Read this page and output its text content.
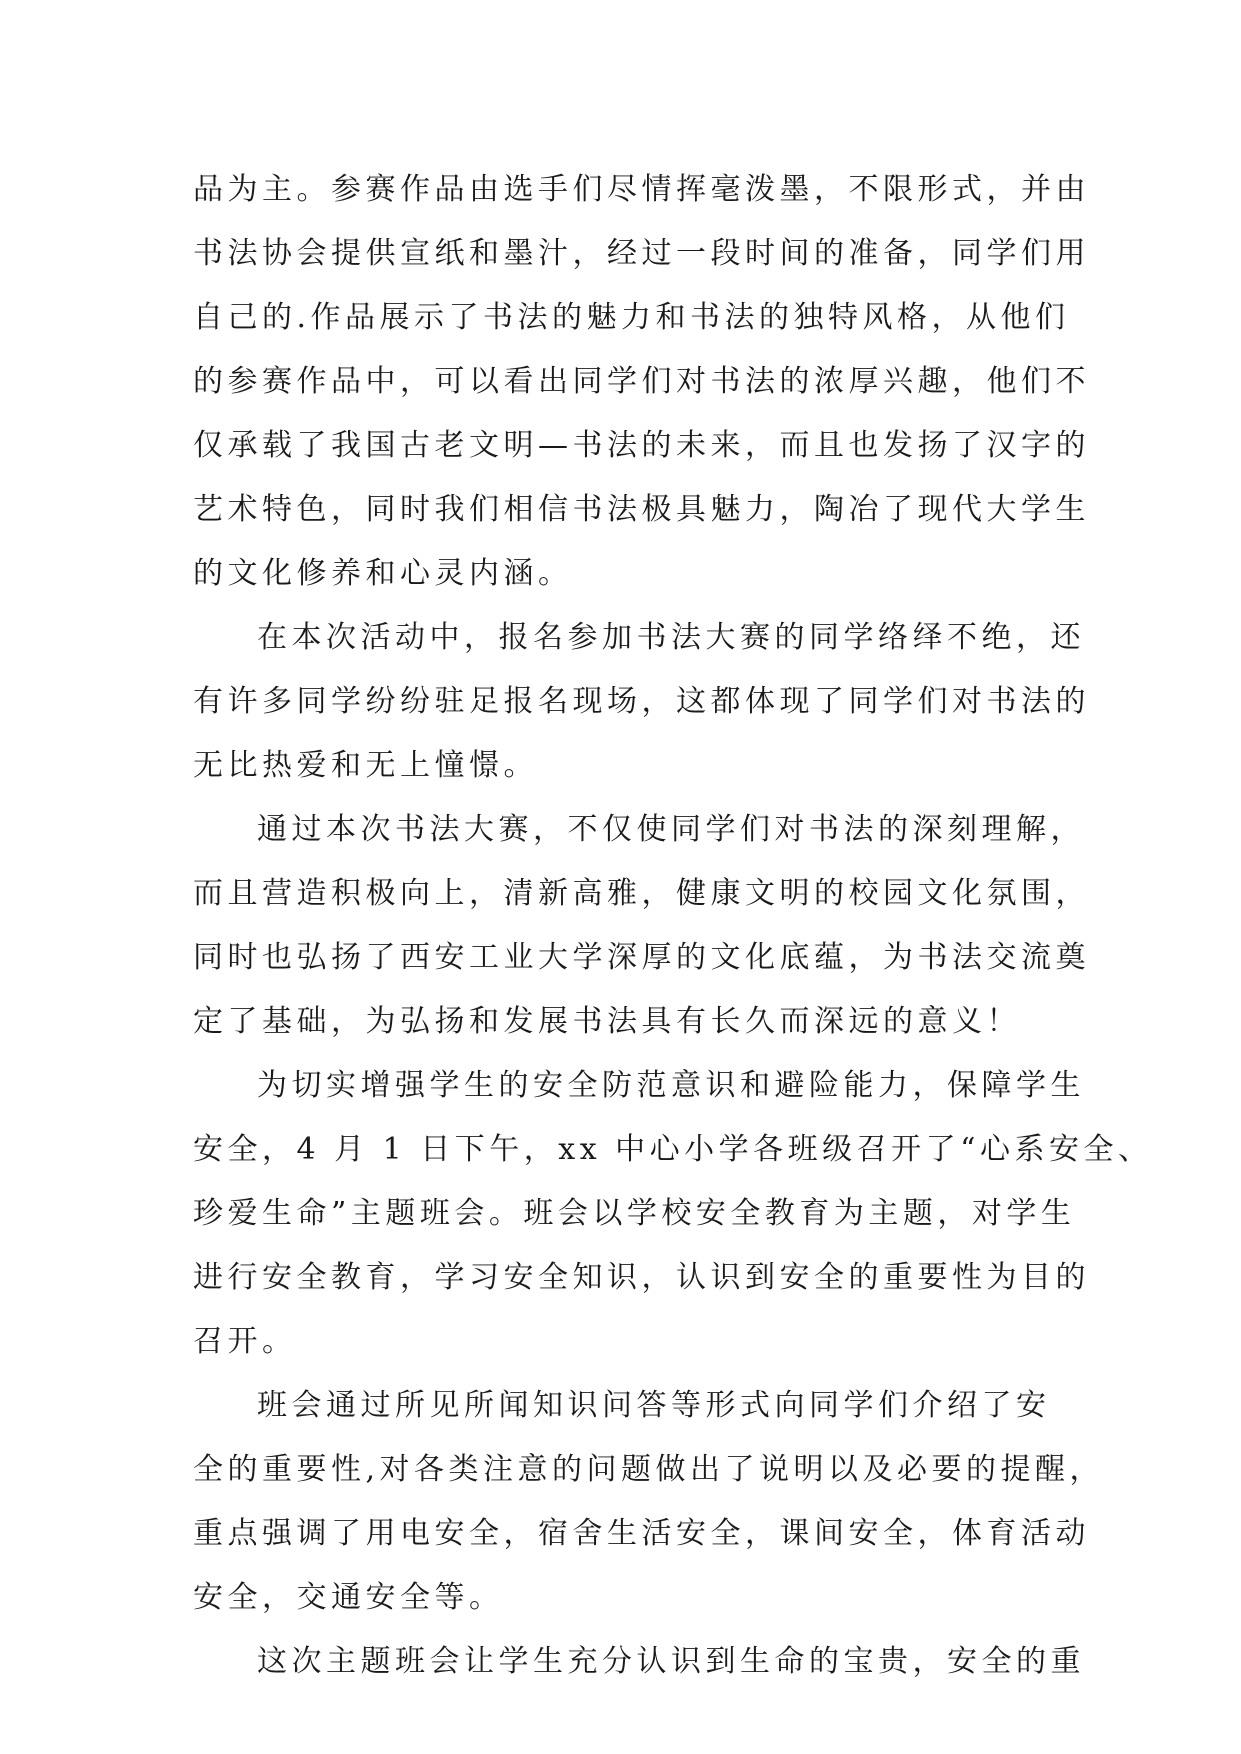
品为主。参赛作品由选手们尽情挥毫泼墨，不限形式，并由
书法协会提供宣纸和墨汁，经过一段时间的准备，同学们用
自己的.作品展示了书法的魅力和书法的独特风格，从他们
的参赛作品中，可以看出同学们对书法的浓厚兴趣，他们不
仅承载了我国古老文明—书法的未来，而且也发扬了汉字的
艺术特色，同时我们相信书法极具魅力，陶冶了现代大学生
的文化修养和心灵内涵。
在本次活动中，报名参加书法大赛的同学络绎不绝，还
有许多同学纷纷驻足报名现场，这都体现了同学们对书法的
无比热爱和无上憧憬。
通过本次书法大赛，不仅使同学们对书法的深刻理解，
而且营造积极向上，清新高雅，健康文明的校园文化氛围，
同时也弘扬了西安工业大学深厚的文化底蕴，为书法交流奠
定了基础，为弘扬和发展书法具有长久而深远的意义！
为切实增强学生的安全防范意识和避险能力，保障学生
安全，4 月 1 日下午，xx 中心小学各班级召开了“心系安全、
珍爱生命”主题班会。班会以学校安全教育为主题，对学生
进行安全教育，学习安全知识，认识到安全的重要性为目的
召开。
班会通过所见所闻知识问答等形式向同学们介绍了安
全的重要性,对各类注意的问题做出了说明以及必要的提醒，
重点强调了用电安全，宿舍生活安全，课间安全，体育活动
安全，交通安全等。
这次主题班会让学生充分认识到生命的宝贵，安全的重
